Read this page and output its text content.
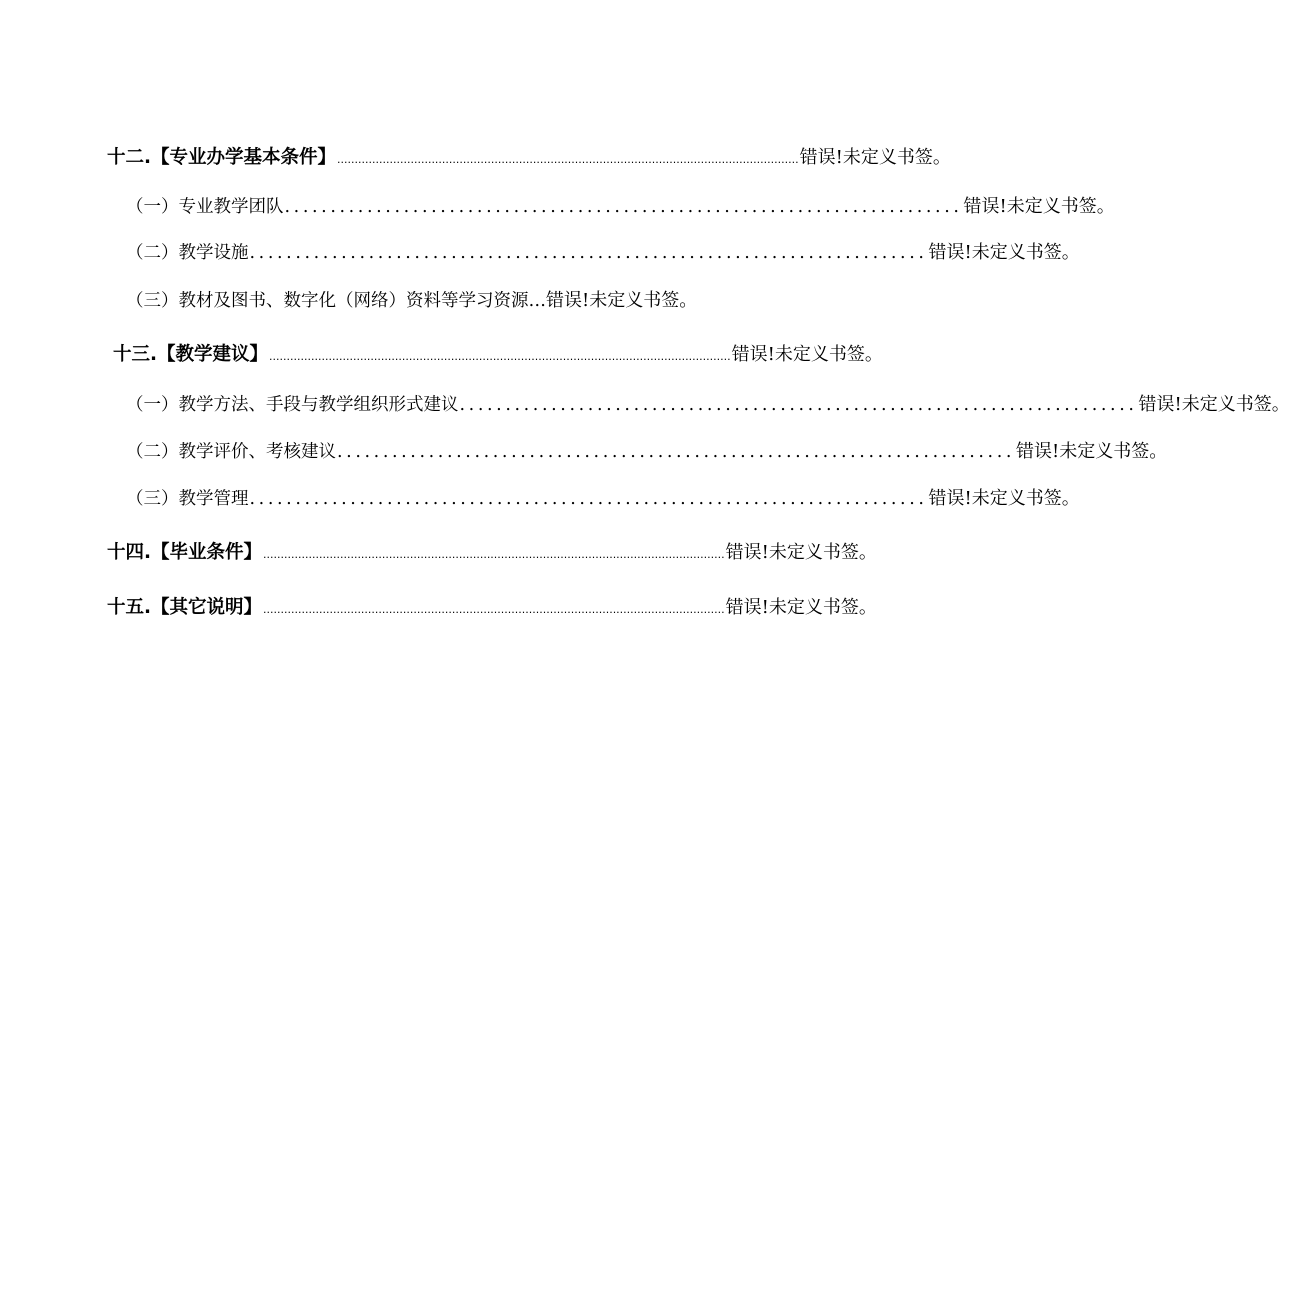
十二.【专业办学基本条件】 .................................................................................................................................... 错误!未定义书签。
（一）专业教学团队 .......................................................................... 错误!未定义书签。
（二）教学设施 .......................................................................... 错误!未定义书签。
（三）教材及图书、数字化（网络）资料等学习资源 … 错误!未定义书签。
十三.【教学建议】 .................................................................................................................................... 错误!未定义书签。
（一）教学方法、手段与教学组织形式建议 .......................................................................... 错误!未定义书签。
（二）教学评价、考核建议 .......................................................................... 错误!未定义书签。
（三）教学管理 .......................................................................... 错误!未定义书签。
十四.【毕业条件】 .................................................................................................................................... 错误!未定义书签。
十五.【其它说明】 .................................................................................................................................... 错误!未定义书签。
